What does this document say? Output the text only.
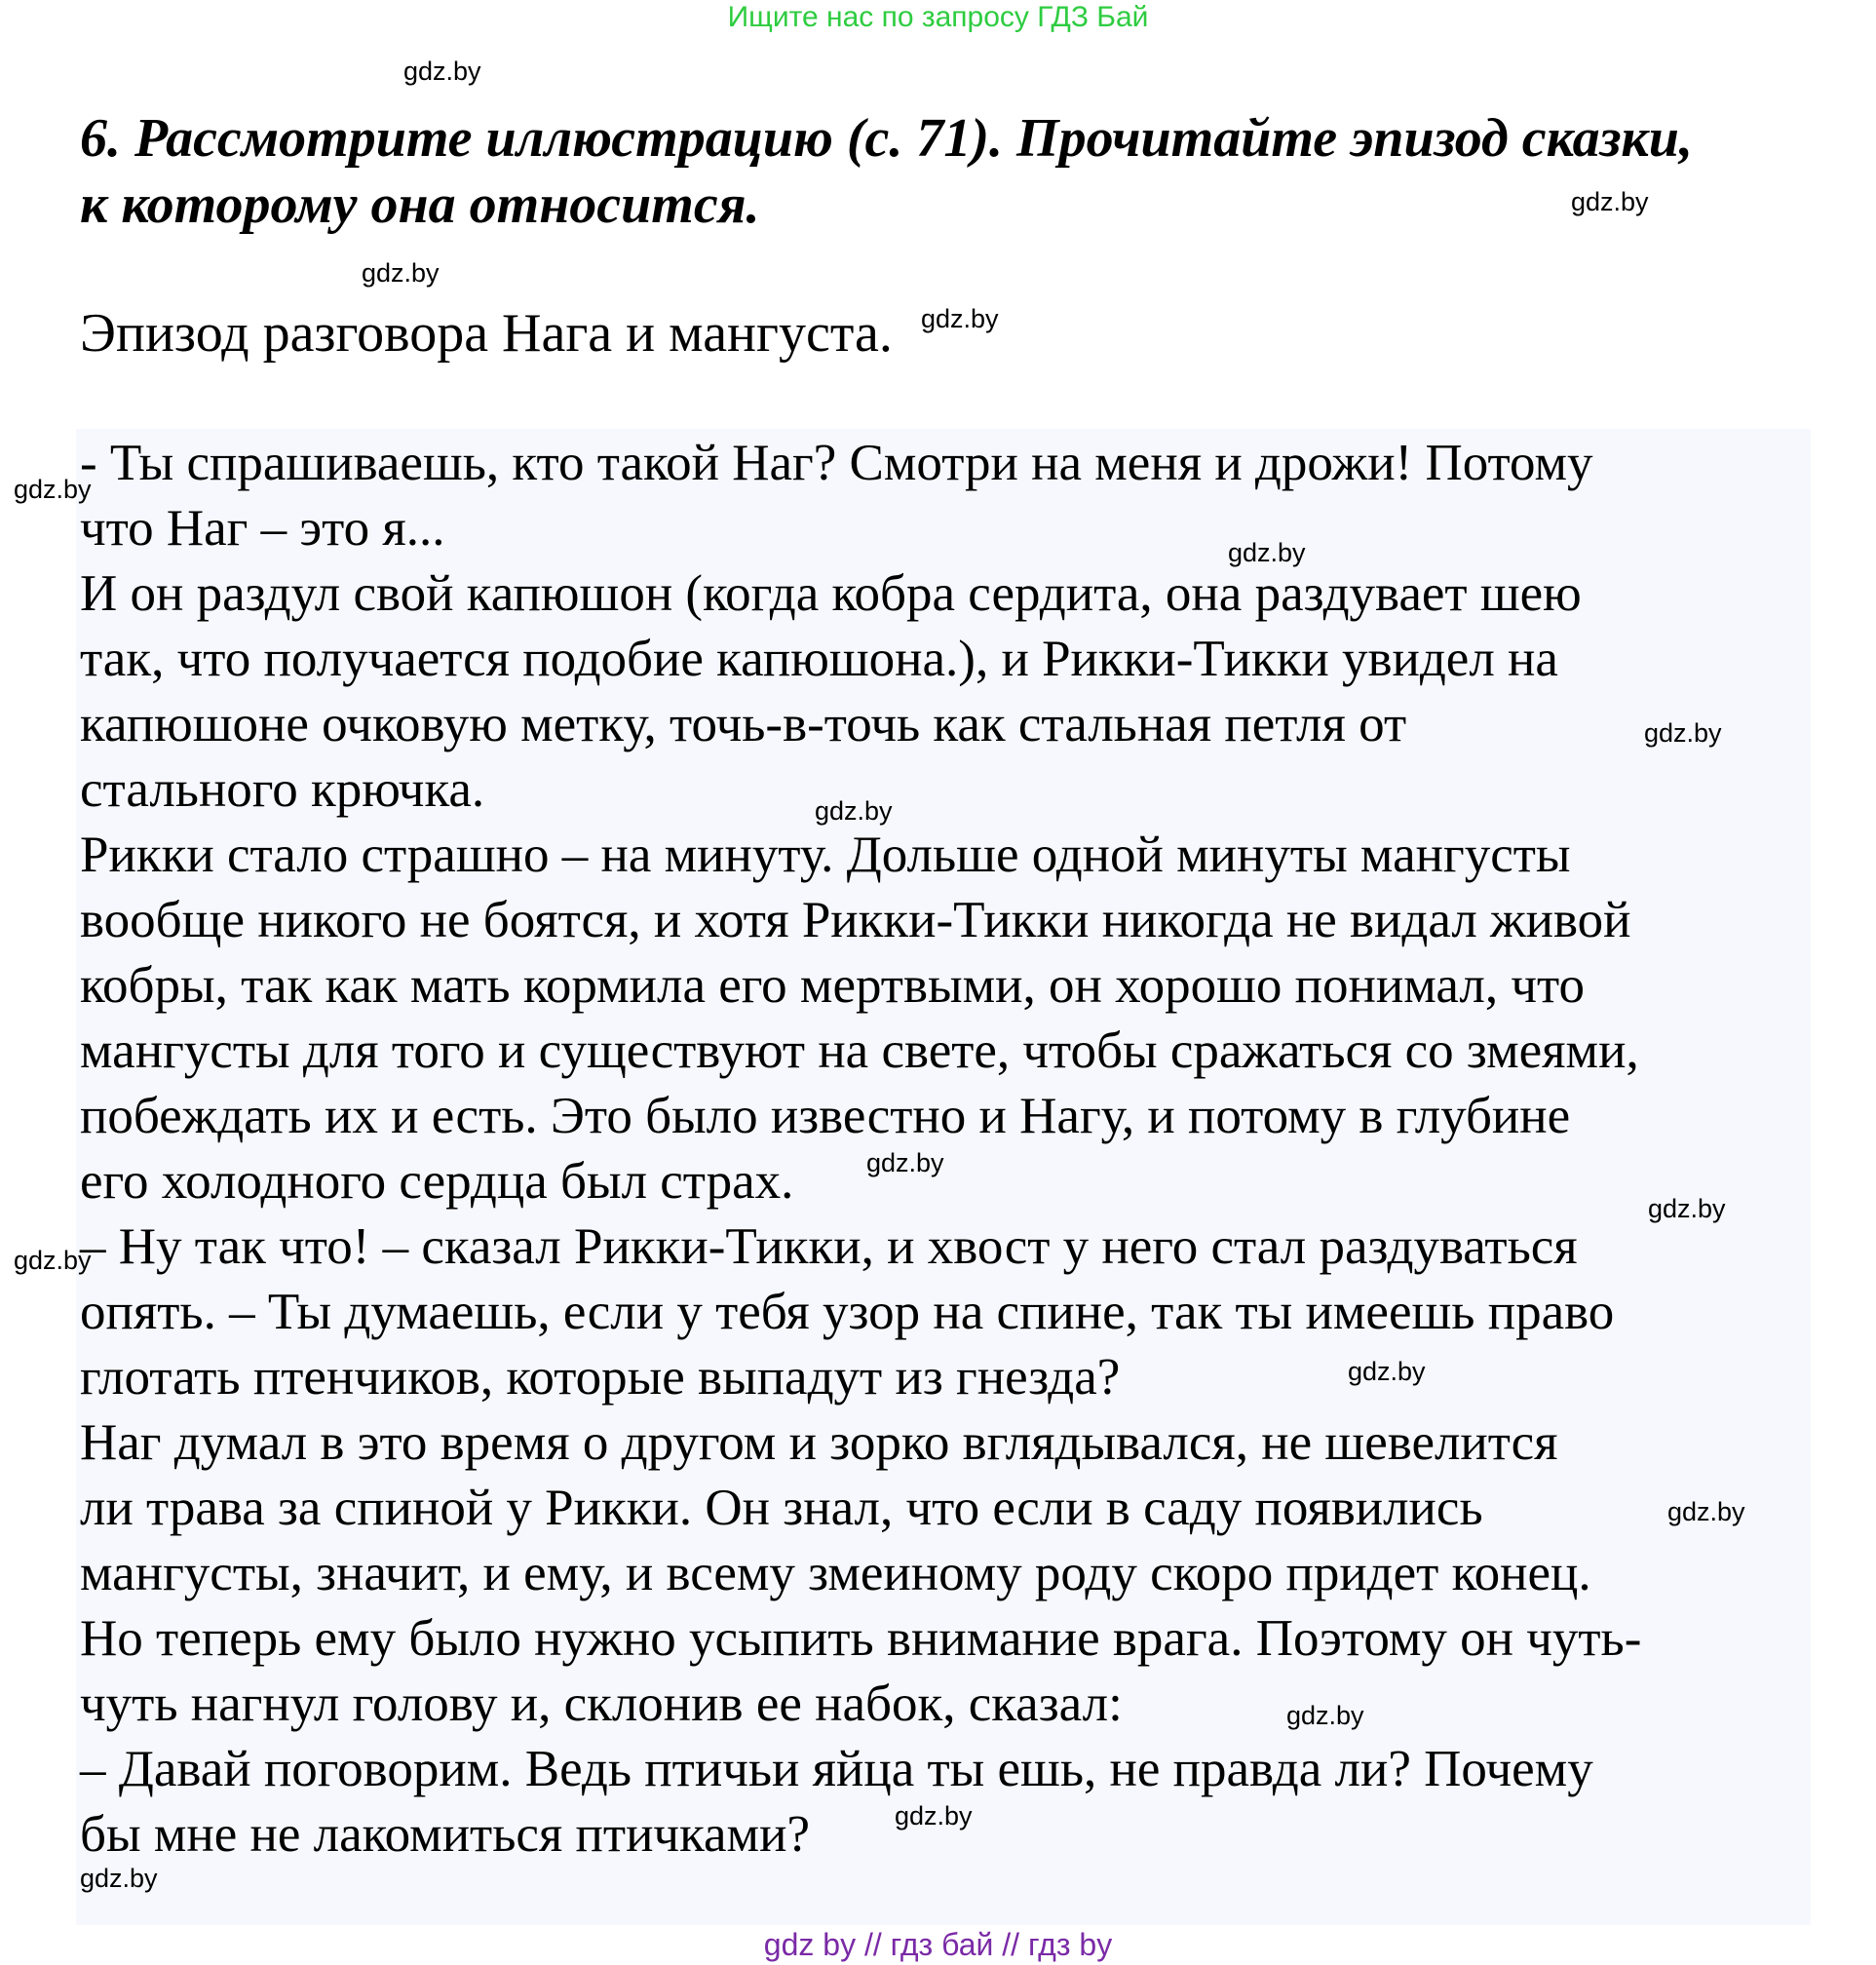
Ищите нас по запросу ГДЗ Бай
gdz.by
6. Рассмотрите иллюстрацию (с. 71). Прочитайте эпизод сказки,
к которому она относится.	gdz.by
gdz.by
Эпизод разговора Нага и мангуста. gdz.by
- Ты спрашиваешь, кто такой Наг? Смотри на меня и дрожи! Потому
что Наг – это я...
И он раздул свой капюшон (когда кобра сердита, она раздувает шею
так, что получается подобие капюшона.), и Рикки-Тикки увидел на
капюшоне очковую метку, точь-в-точь как стальная петля от
стального крючка.
Рикки стало страшно – на минуту. Дольше одной минуты мангусты
вообще никого не боятся, и хотя Рикки-Тикки никогда не видал живой
кобры, так как мать кормила его мертвыми, он хорошо понимал, что
мангусты для того и существуют на свете, чтобы сражаться со змеями,
побеждать их и есть. Это было известно и Нагу, и потому в глубине
его холодного сердца был страх.
– Ну так что! – сказал Рикки-Тикки, и хвост у него стал раздуваться
опять. – Ты думаешь, если у тебя узор на спине, так ты имеешь право
глотать птенчиков, которые выпадут из гнезда?
Наг думал в это время о другом и зорко вглядывался, не шевелится
ли трава за спиной у Рикки. Он знал, что если в саду появились
мангусты, значит, и ему, и всему змеиному роду скоро придет конец.
Но теперь ему было нужно усыпить внимание врага. Поэтому он чуть-
чуть нагнул голову и, склонив ее набок, сказал:
– Давай поговорим. Ведь птичьи яйца ты ешь, не правда ли? Почему
бы мне не лакомиться птичками?
gdz.by
gdz.by
gdz.by
gdz.by
gdz.by
gdz.by
gdz.by
gdz.by
gdz.by
gdz.by
gdz.by
gdz.by
gdz by // гдз бай // гдз by
